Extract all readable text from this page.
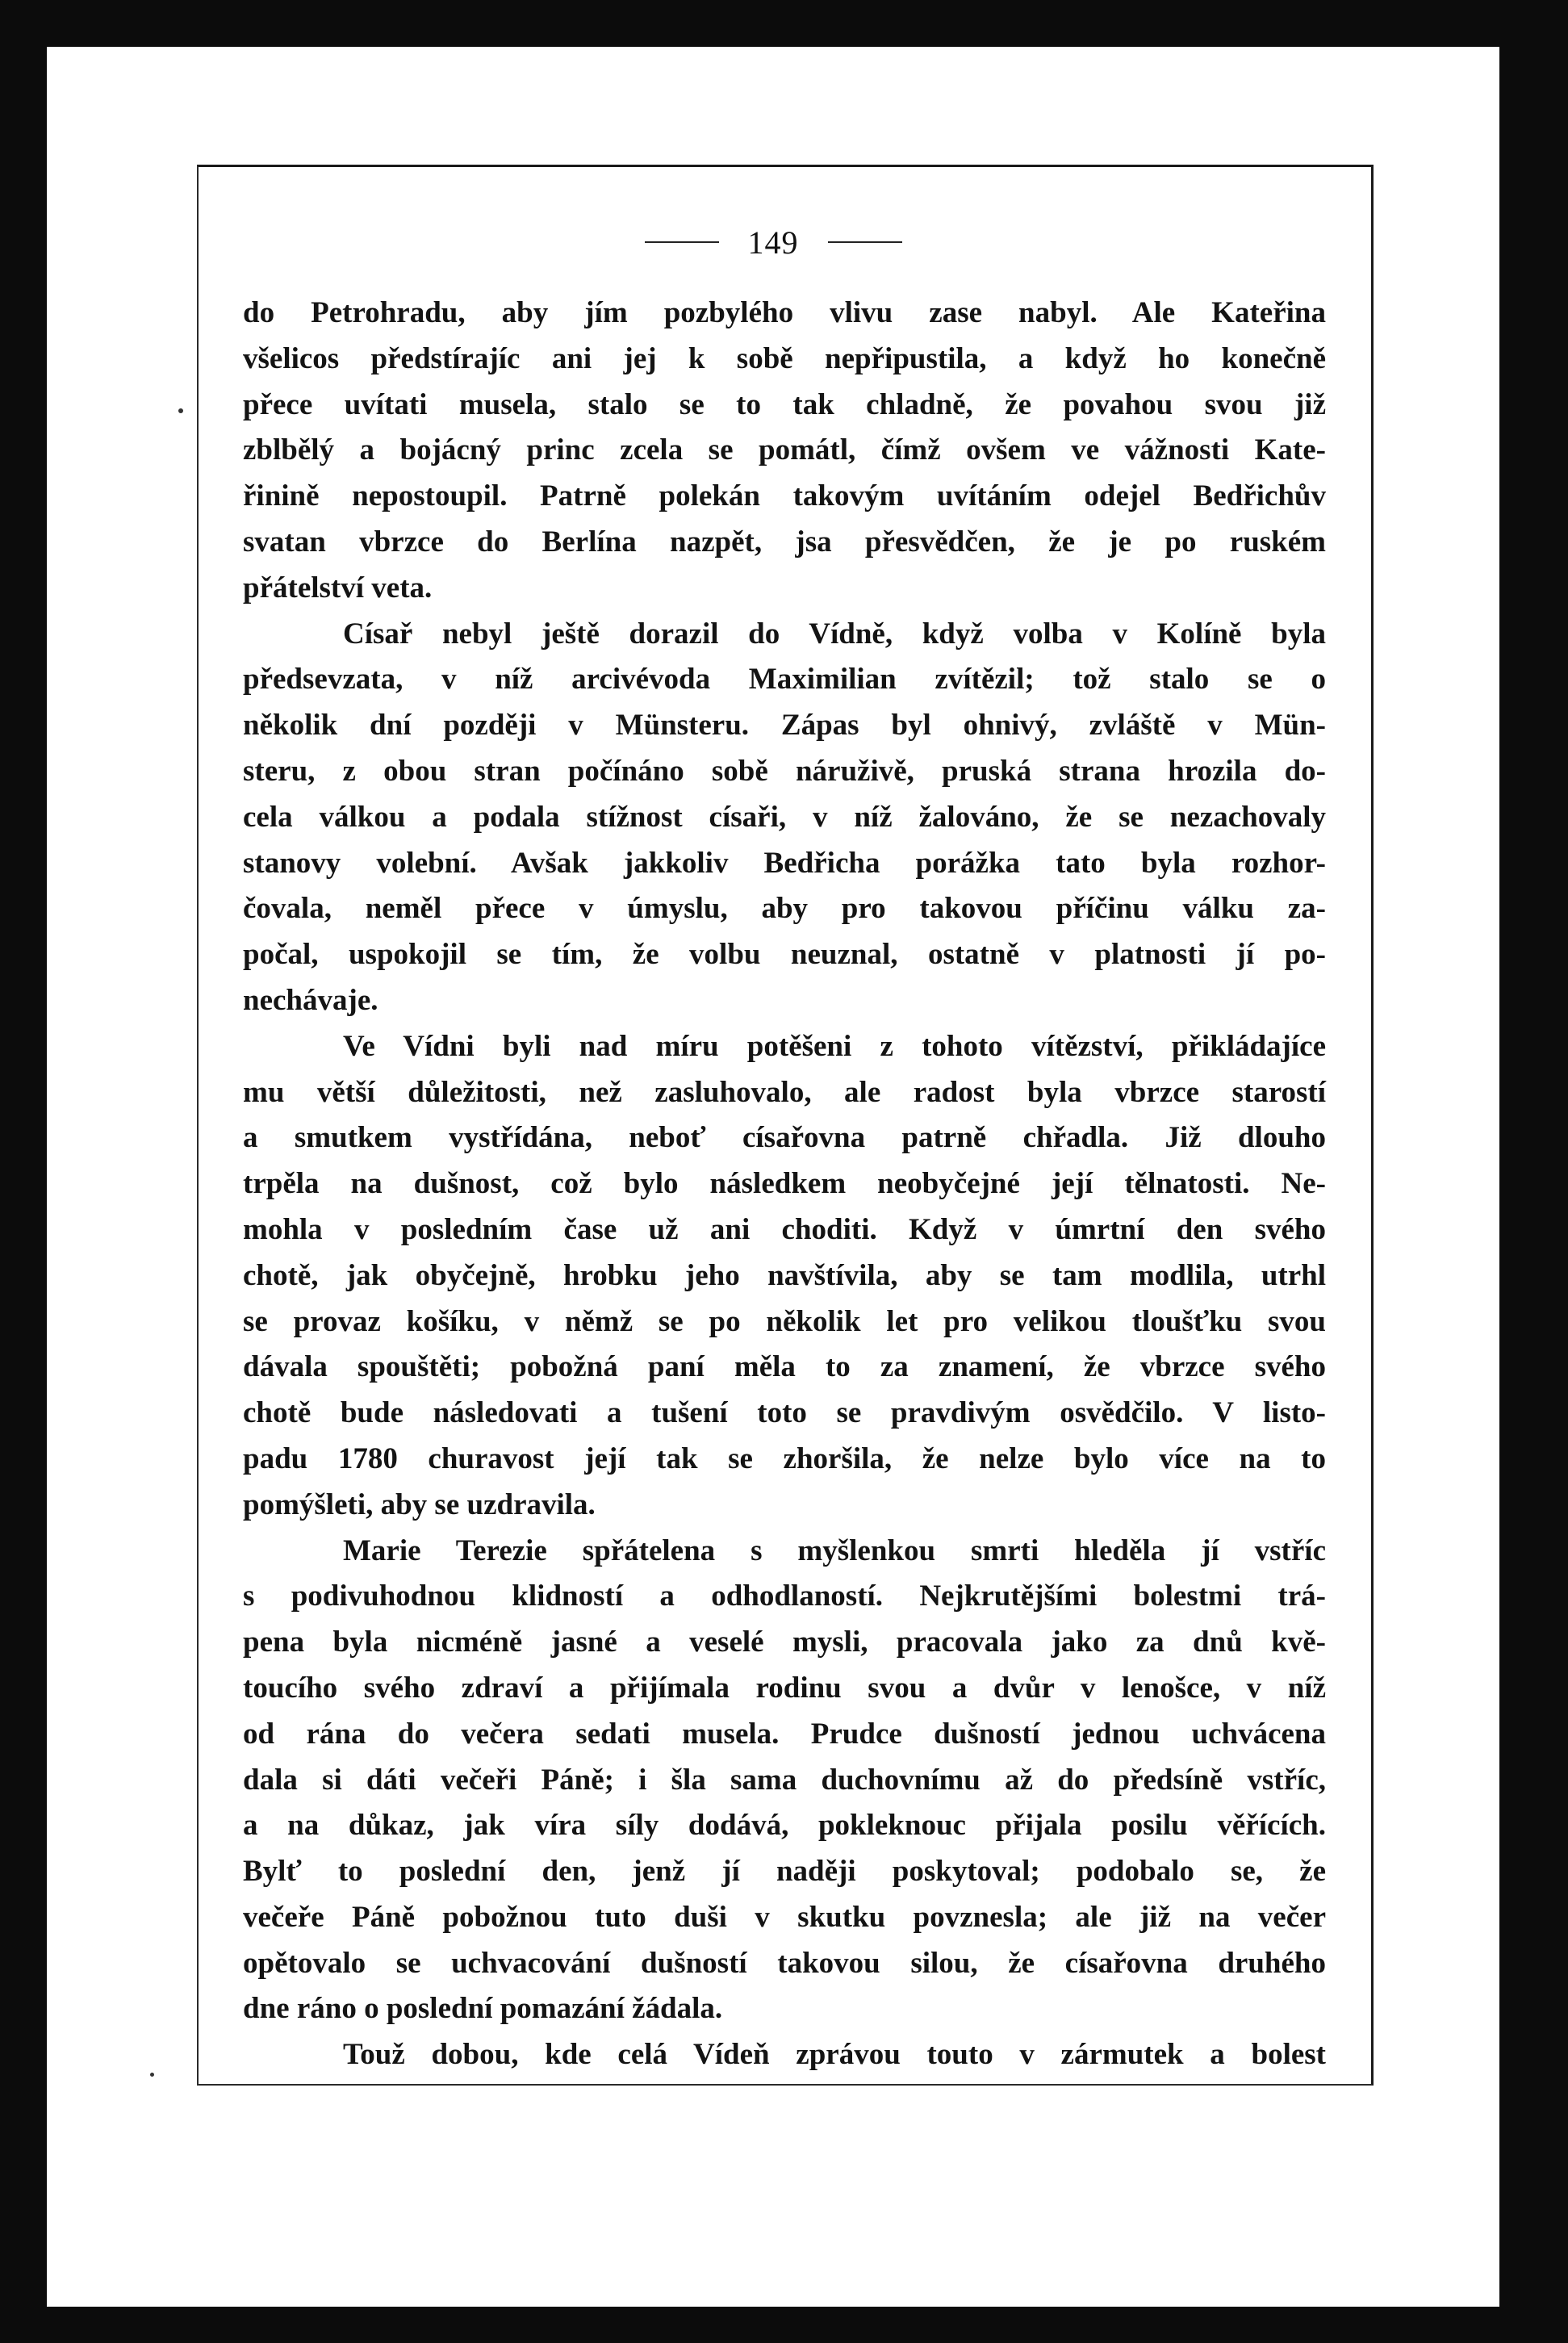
149
do Petrohradu, aby jím pozbylého vlivu zase nabyl. Ale Kateřina
všelicos předstírajíc ani jej k sobě nepřipustila, a když ho konečně
přece uvítati musela, stalo se to tak chladně, že povahou svou již
zblbělý a bojácný princ zcela se pomátl, čímž ovšem ve vážnosti Kate-
řinině nepostoupil. Patrně polekán takovým uvítáním odejel Bedřichův
svatan vbrzce do Berlína nazpět, jsa přesvědčen, že je po ruském
přátelství veta.
Císař nebyl ještě dorazil do Vídně, když volba v Kolíně byla
předsevzata, v níž arcivévoda Maximilian zvítězil; tož stalo se o
několik dní později v Münsteru. Zápas byl ohnivý, zvláště v Mün-
steru, z obou stran počínáno sobě náruživě, pruská strana hrozila do-
cela válkou a podala stížnost císaři, v níž žalováno, že se nezachovaly
stanovy volební. Avšak jakkoliv Bedřicha porážka tato byla rozhor-
čovala, neměl přece v úmyslu, aby pro takovou příčinu válku za-
počal, uspokojil se tím, že volbu neuznal, ostatně v platnosti jí po-
nechávaje.
Ve Vídni byli nad míru potěšeni z tohoto vítězství, přikládajíce
mu větší důležitosti, než zasluhovalo, ale radost byla vbrzce starostí
a smutkem vystřídána, neboť císařovna patrně chřadla. Již dlouho
trpěla na dušnost, což bylo následkem neobyčejné její tělnatosti. Ne-
mohla v posledním čase už ani choditi. Když v úmrtní den svého
chotě, jak obyčejně, hrobku jeho navštívila, aby se tam modlila, utrhl
se provaz košíku, v němž se po několik let pro velikou tloušťku svou
dávala spouštěti; pobožná paní měla to za znamení, že vbrzce svého
chotě bude následovati a tušení toto se pravdivým osvědčilo. V listo-
padu 1780 churavost její tak se zhoršila, že nelze bylo více na to
pomýšleti, aby se uzdravila.
Marie Terezie spřátelena s myšlenkou smrti hleděla jí vstříc
s podivuhodnou klidností a odhodlaností. Nejkrutějšími bolestmi trá-
pena byla nicméně jasné a veselé mysli, pracovala jako za dnů kvě-
toucího svého zdraví a přijímala rodinu svou a dvůr v lenošce, v níž
od rána do večera sedati musela. Prudce dušností jednou uchvácena
dala si dáti večeři Páně; i šla sama duchovnímu až do předsíně vstříc,
a na důkaz, jak víra síly dodává, pokleknouc přijala posilu věřících.
Bylť to poslední den, jenž jí naději poskytoval; podobalo se, že
večeře Páně pobožnou tuto duši v skutku povznesla; ale již na večer
opětovalo se uchvacování dušností takovou silou, že císařovna druhého
dne ráno o poslední pomazání žádala.
Touž dobou, kde celá Vídeň zprávou touto v zármutek a bolest
